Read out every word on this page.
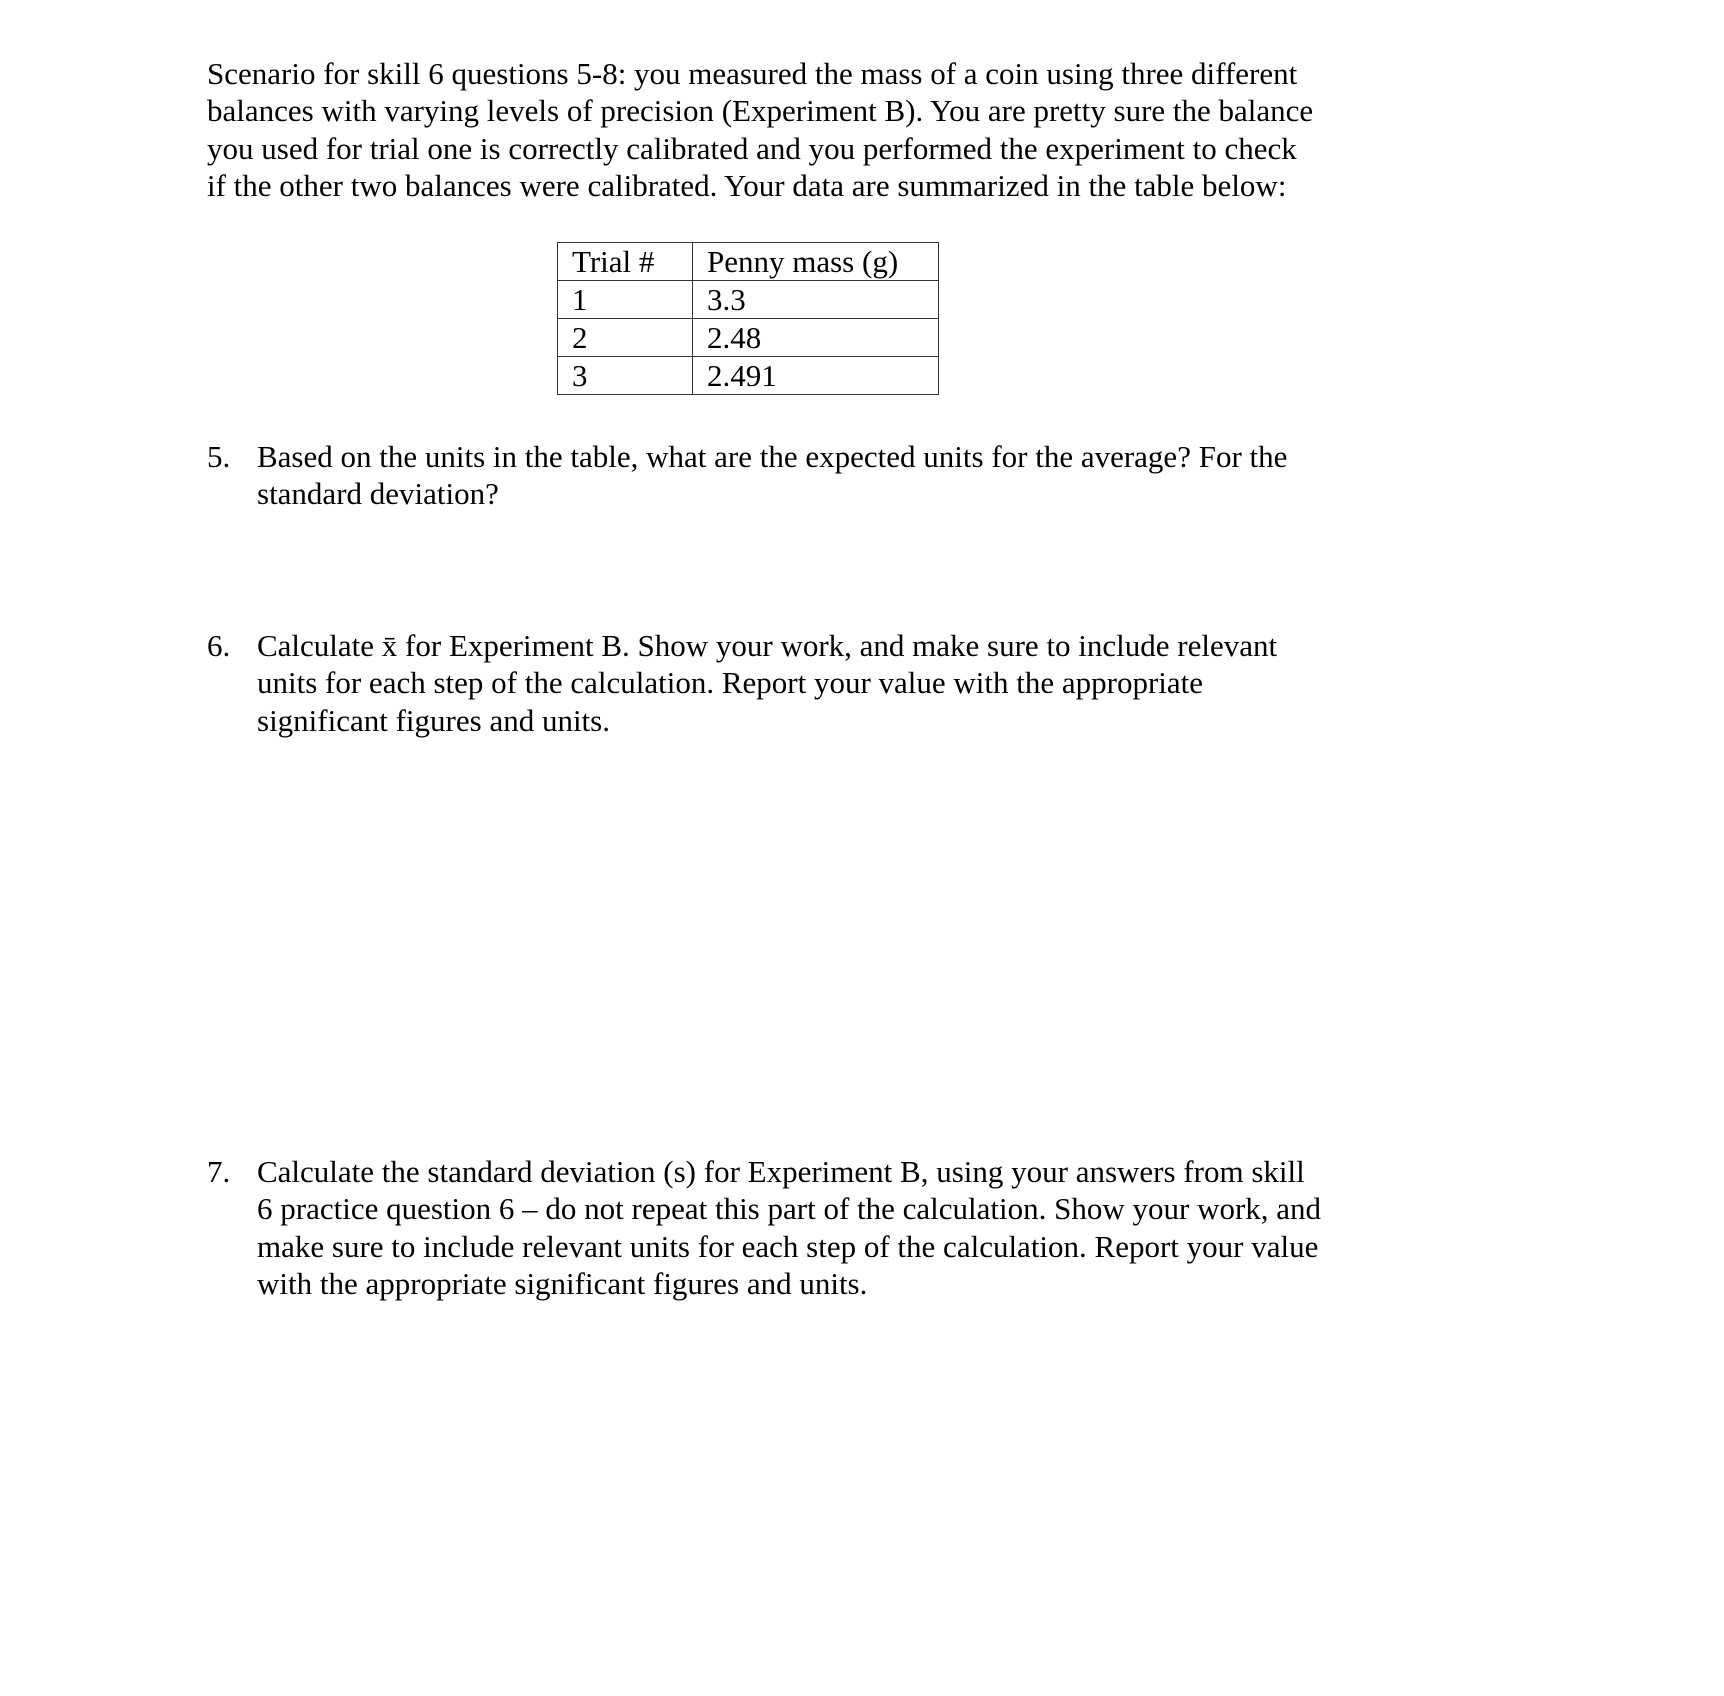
Scenario for skill 6 questions 5-8: you measured the mass of a coin using three different
balances with varying levels of precision (Experiment B). You are pretty sure the balance
you used for trial one is correctly calibrated and you performed the experiment to check
if the other two balances were calibrated. Your data are summarized in the table below:
Trial #	Penny mass (g)
1	3.3
2	2.48
3	2.491
5. Based on the units in the table, what are the expected units for the average? For the
standard deviation?
6. Calculate x̄ for Experiment B. Show your work, and make sure to include relevant
units for each step of the calculation. Report your value with the appropriate
significant figures and units.
7. Calculate the standard deviation (s) for Experiment B, using your answers from skill
6 practice question 6 – do not repeat this part of the calculation. Show your work, and
make sure to include relevant units for each step of the calculation. Report your value
with the appropriate significant figures and units.
